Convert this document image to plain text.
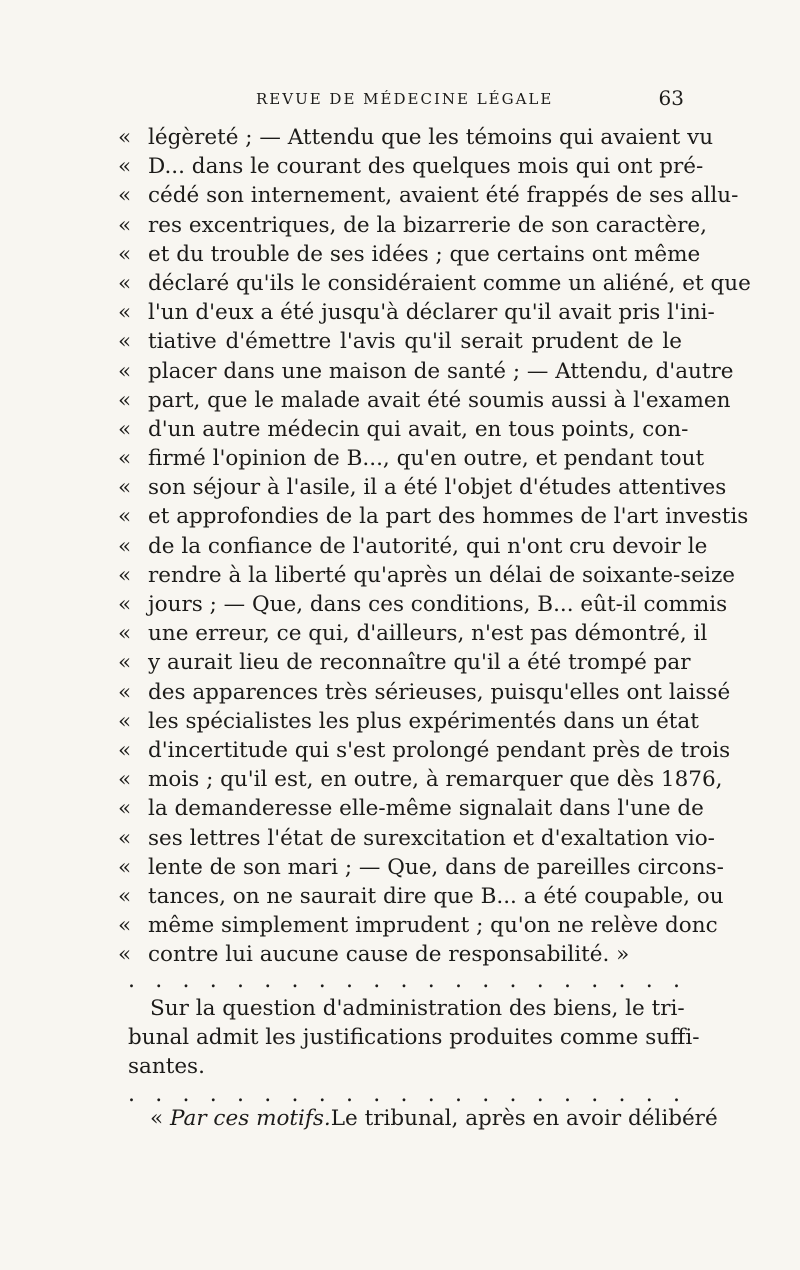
REVUE DE MÉDECINE LÉGALE	63
« légèreté ; — Attendu que les témoins qui avaient vu
« D... dans le courant des quelques mois qui ont pré-
« cédé son internement, avaient été frappés de ses allu-
« res excentriques, de la bizarrerie de son caractère,
« et du trouble de ses idées ; que certains ont même
« déclaré qu'ils le considéraient comme un aliéné, et que
« l'un d'eux a été jusqu'à déclarer qu'il avait pris l'ini-
« tiative d'émettre l'avis qu'il serait prudent de le
« placer dans une maison de santé ; — Attendu, d'autre
« part, que le malade avait été soumis aussi à l'examen
« d'un autre médecin qui avait, en tous points, con-
« firmé l'opinion de B..., qu'en outre, et pendant tout
« son séjour à l'asile, il a été l'objet d'études attentives
« et approfondies de la part des hommes de l'art investis
« de la confiance de l'autorité, qui n'ont cru devoir le
« rendre à la liberté qu'après un délai de soixante-seize
« jours ; — Que, dans ces conditions, B... eût-il commis
« une erreur, ce qui, d'ailleurs, n'est pas démontré, il
« y aurait lieu de reconnaître qu'il a été trompé par
« des apparences très sérieuses, puisqu'elles ont laissé
« les spécialistes les plus expérimentés dans un état
« d'incertitude qui s'est prolongé pendant près de trois
« mois ; qu'il est, en outre, à remarquer que dès 1876,
« la demanderesse elle-même signalait dans l'une de
« ses lettres l'état de surexcitation et d'exaltation vio-
« lente de son mari ; — Que, dans de pareilles circons-
« tances, on ne saurait dire que B... a été coupable, ou
« même simplement imprudent ; qu'on ne relève donc
« contre lui aucune cause de responsabilité. »
. . . . . . . . . . . . . . . . . . . . .
Sur la question d'administration des biens, le tri-
bunal admit les justifications produites comme suffi-
santes.
. . . . . . . . . . . . . . . . . . . . .
« Par ces motifs. Le tribunal, après en avoir délibéré
